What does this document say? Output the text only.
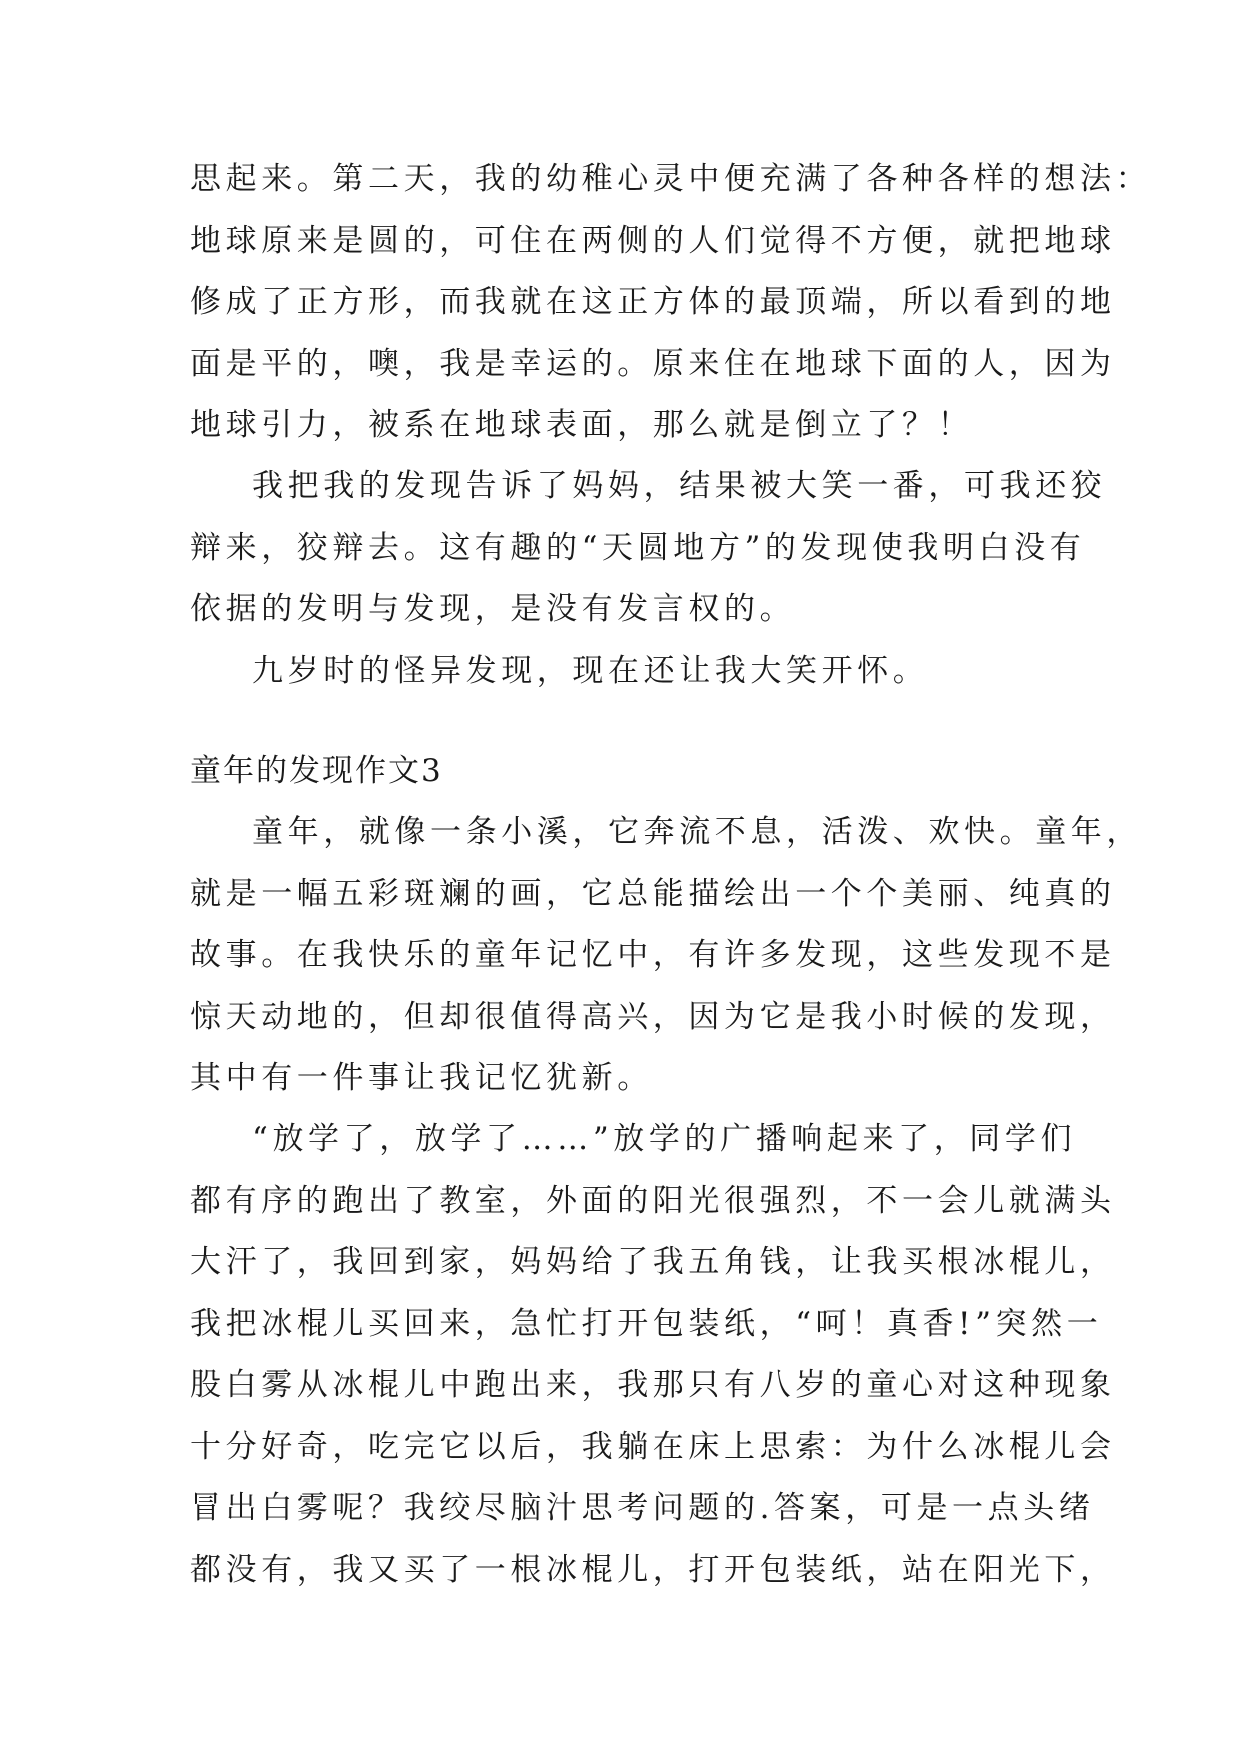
思起来。第二天，我的幼稚心灵中便充满了各种各样的想法：
地球原来是圆的，可住在两侧的人们觉得不方便，就把地球
修成了正方形，而我就在这正方体的最顶端，所以看到的地
面是平的，噢，我是幸运的。原来住在地球下面的人，因为
地球引力，被系在地球表面，那么就是倒立了？！
我把我的发现告诉了妈妈，结果被大笑一番，可我还狡
辩来，狡辩去。这有趣的“天圆地方”的发现使我明白没有
依据的发明与发现，是没有发言权的。
九岁时的怪异发现，现在还让我大笑开怀。
童年的发现作文3
童年，就像一条小溪，它奔流不息，活泼、欢快。童年，
就是一幅五彩斑斓的画，它总能描绘出一个个美丽、纯真的
故事。在我快乐的童年记忆中，有许多发现，这些发现不是
惊天动地的，但却很值得高兴，因为它是我小时候的发现，
其中有一件事让我记忆犹新。
“放学了，放学了……”放学的广播响起来了，同学们
都有序的跑出了教室，外面的阳光很强烈，不一会儿就满头
大汗了，我回到家，妈妈给了我五角钱，让我买根冰棍儿，
我把冰棍儿买回来，急忙打开包装纸，“呵！真香!”突然一
股白雾从冰棍儿中跑出来，我那只有八岁的童心对这种现象
十分好奇，吃完它以后，我躺在床上思索：为什么冰棍儿会
冒出白雾呢？我绞尽脑汁思考问题的.答案，可是一点头绪
都没有，我又买了一根冰棍儿，打开包装纸，站在阳光下，
